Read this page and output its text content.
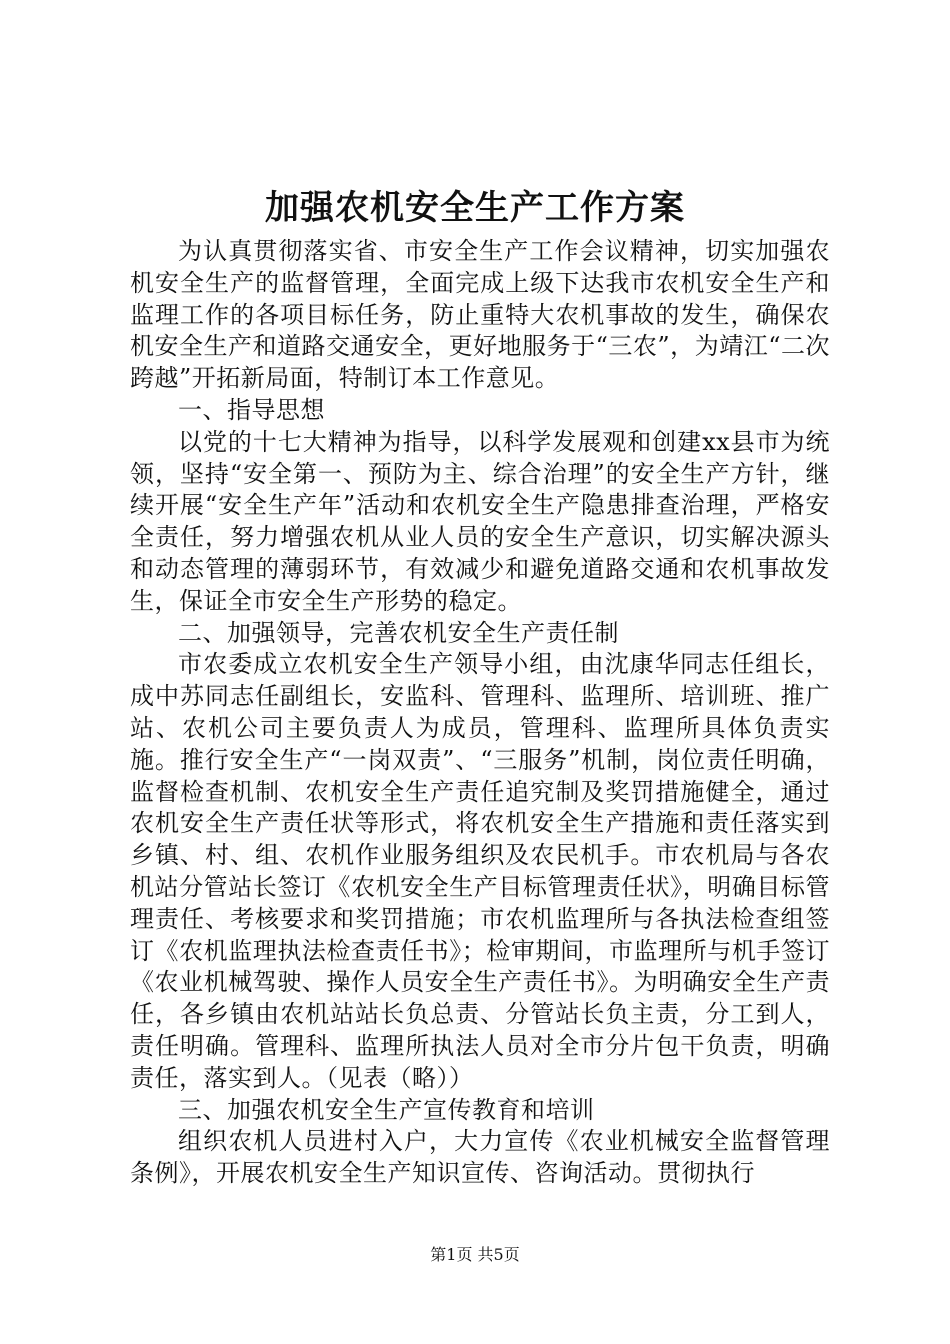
加强农机安全生产工作方案

为认真贯彻落实省、市安全生产工作会议精神，切实加强农机安全生产的监督管理，全面完成上级下达我市农机安全生产和监理工作的各项目标任务，防止重特大农机事故的发生，确保农机安全生产和道路交通安全，更好地服务于“三农”，为靖江“二次跨越”开拓新局面，特制订本工作意见。

一、指导思想

以党的十七大精神为指导，以科学发展观和创建xx县市为统领，坚持“安全第一、预防为主、综合治理”的安全生产方针，继续开展“安全生产年”活动和农机安全生产隐患排查治理，严格安全责任，努力增强农机从业人员的安全生产意识，切实解决源头和动态管理的薄弱环节，有效减少和避免道路交通和农机事故发生，保证全市安全生产形势的稳定。

二、加强领导，完善农机安全生产责任制

市农委成立农机安全生产领导小组，由沈康华同志任组长，成中苏同志任副组长，安监科、管理科、监理所、培训班、推广站、农机公司主要负责人为成员，管理科、监理所具体负责实施。推行安全生产“一岗双责”、“三服务”机制，岗位责任明确，监督检查机制、农机安全生产责任追究制及奖罚措施健全，通过农机安全生产责任状等形式，将农机安全生产措施和责任落实到乡镇、村、组、农机作业服务组织及农民机手。市农机局与各农机站分管站长签订《农机安全生产目标管理责任状》，明确目标管理责任、考核要求和奖罚措施；市农机监理所与各执法检查组签订《农机监理执法检查责任书》；检审期间，市监理所与机手签订《农业机械驾驶、操作人员安全生产责任书》。为明确安全生产责任，各乡镇由农机站站长负总责、分管站长负主责，分工到人，责任明确。管理科、监理所执法人员对全市分片包干负责，明确责任，落实到人。（见表（略））

三、加强农机安全生产宣传教育和培训

组织农机人员进村入户，大力宣传《农业机械安全监督管理条例》，开展农机安全生产知识宣传、咨询活动。贯彻执行

第1页 共5页
